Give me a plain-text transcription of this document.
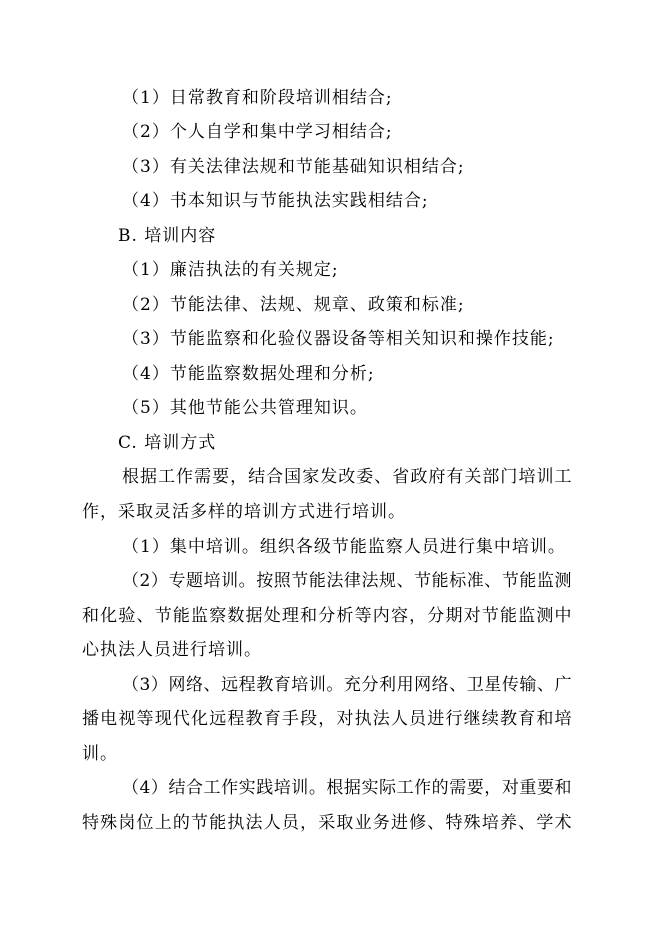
（1）日常教育和阶段培训相结合;
（2）个人自学和集中学习相结合;
（3）有关法律法规和节能基础知识相结合;
（4）书本知识与节能执法实践相结合;
B. 培训内容
（1）廉洁执法的有关规定;
（2）节能法律、法规、规章、政策和标准;
（3）节能监察和化验仪器设备等相关知识和操作技能;
（4）节能监察数据处理和分析;
（5）其他节能公共管理知识。
C. 培训方式
根据工作需要，结合国家发改委、省政府有关部门培训工
作，采取灵活多样的培训方式进行培训。
（1）集中培训。组织各级节能监察人员进行集中培训。
（2）专题培训。按照节能法律法规、节能标准、节能监测
和化验、节能监察数据处理和分析等内容，分期对节能监测中
心执法人员进行培训。
（3）网络、远程教育培训。充分利用网络、卫星传输、广
播电视等现代化远程教育手段，对执法人员进行继续教育和培
训。
（4）结合工作实践培训。根据实际工作的需要，对重要和
特殊岗位上的节能执法人员，采取业务进修、特殊培养、学术
